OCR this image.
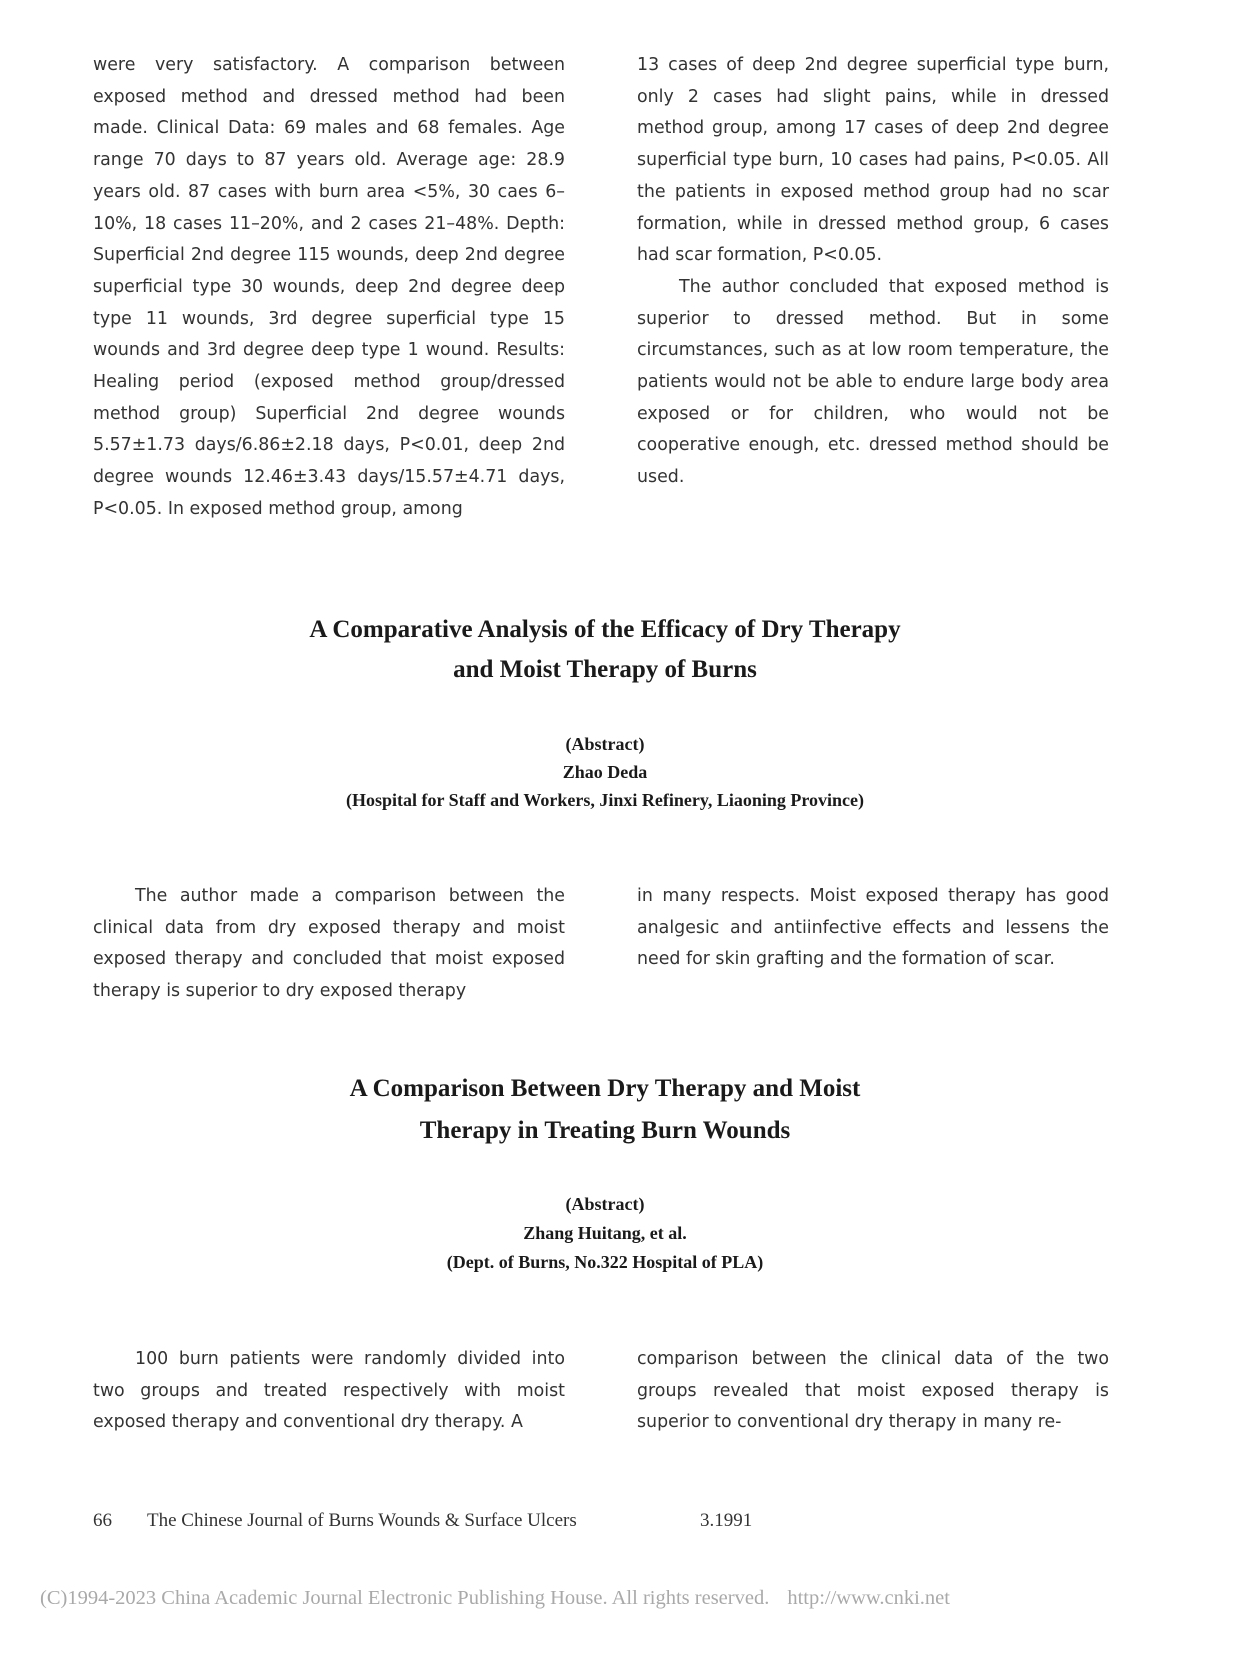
were very satisfactory. A comparison between exposed method and dressed method had been made. Clinical Data: 69 males and 68 females. Age range 70 days to 87 years old. Average age: 28.9 years old. 87 cases with burn area <5%, 30 caes 6–10%, 18 cases 11–20%, and 2 cases 21–48%. Depth: Superficial 2nd degree 115 wounds, deep 2nd degree superficial type 30 wounds, deep 2nd degree deep type 11 wounds, 3rd degree superficial type 15 wounds and 3rd degree deep type 1 wound. Results: Healing period (exposed method group/dressed method group) Superficial 2nd degree wounds 5.57±1.73 days/6.86±2.18 days, P<0.01, deep 2nd degree wounds 12.46±3.43 days/15.57±4.71 days, P<0.05. In exposed method group, among

13 cases of deep 2nd degree superficial type burn, only 2 cases had slight pains, while in dressed method group, among 17 cases of deep 2nd degree superficial type burn, 10 cases had pains, P<0.05. All the patients in exposed method group had no scar formation, while in dressed method group, 6 cases had scar formation, P<0.05.

The author concluded that exposed method is superior to dressed method. But in some circumstances, such as at low room temperature, the patients would not be able to endure large body area exposed or for children, who would not be cooperative enough, etc. dressed method should be used.

A Comparative Analysis of the Efficacy of Dry Therapy
and Moist Therapy of Burns
(Abstract)
Zhao Deda
(Hospital for Staff and Workers, Jinxi Refinery, Liaoning Province)

The author made a comparison between the clinical data from dry exposed therapy and moist exposed therapy and concluded that moist exposed therapy is superior to dry exposed therapy

in many respects. Moist exposed therapy has good analgesic and antiinfective effects and lessens the need for skin grafting and the formation of scar.

A Comparison Between Dry Therapy and Moist
Therapy in Treating Burn Wounds
(Abstract)
Zhang Huitang, et al.
(Dept. of Burns, No.322 Hospital of PLA)

100 burn patients were randomly divided into two groups and treated respectively with moist exposed therapy and conventional dry therapy. A

comparison between the clinical data of the two groups revealed that moist exposed therapy is superior to conventional dry therapy in many re-

66 The Chinese Journal of Burns Wounds & Surface Ulcers	3.1991
(C)1994-2023 China Academic Journal Electronic Publishing House. All rights reserved. http://www.cnki.net
